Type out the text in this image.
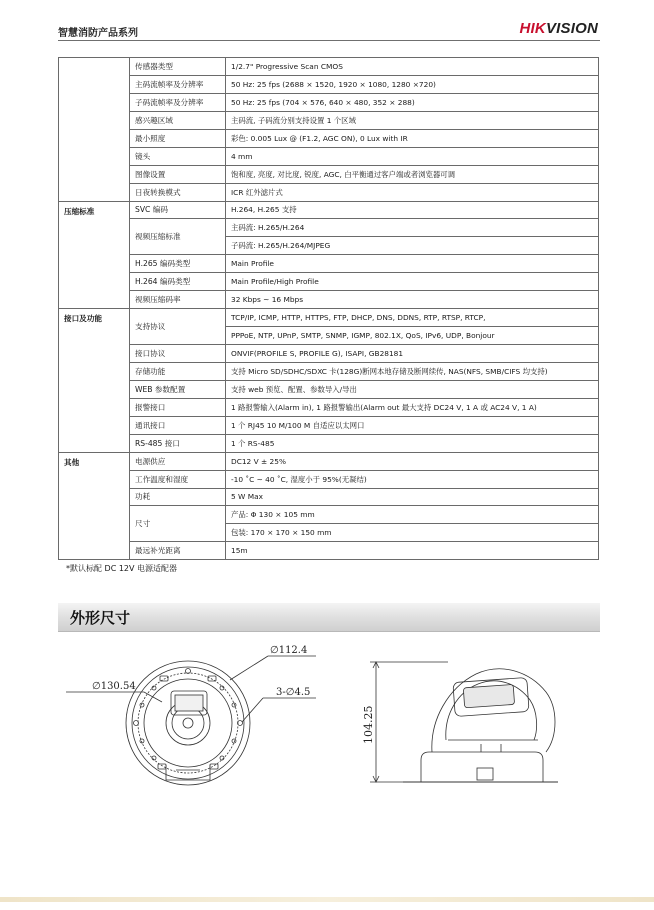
智慧消防产品系列	HIKVISION
	传感器类型	1/2.7" Progressive Scan CMOS
	主码流帧率及分辨率	50 Hz: 25 fps (2688 × 1520, 1920 × 1080, 1280 ×720)
	子码流帧率及分辨率	50 Hz: 25 fps (704 × 576, 640 × 480, 352 × 288)
	感兴趣区域	主码流, 子码流分别支持设置 1 个区域
	最小照度	彩色: 0.005 Lux @ (F1.2, AGC ON), 0 Lux with IR
	镜头	4 mm
	图像设置	饱和度, 亮度, 对比度, 锐度, AGC, 白平衡通过客户端或者浏览器可调
	日夜转换模式	ICR 红外滤片式
压缩标准	SVC 编码	H.264, H.265 支持
	视频压缩标准	主码流: H.265/H.264
		子码流: H.265/H.264/MJPEG
	H.265 编码类型	Main Profile
	H.264 编码类型	Main Profile/High Profile
	视频压缩码率	32 Kbps ~ 16 Mbps
接口及功能	支持协议	TCP/IP, ICMP, HTTP, HTTPS, FTP, DHCP, DNS, DDNS, RTP, RTSP, RTCP,
		PPPoE, NTP, UPnP, SMTP, SNMP, IGMP, 802.1X, QoS, IPv6, UDP, Bonjour
	接口协议	ONVIF(PROFILE S, PROFILE G), ISAPI, GB28181
	存储功能	支持 Micro SD/SDHC/SDXC 卡(128G)断网本地存储及断网续传, NAS(NFS, SMB/CIFS 均支持)
	WEB 参数配置	支持 web 预览、配置、参数导入/导出
	报警接口	1 路报警输入(Alarm in), 1 路报警输出(Alarm out 最大支持 DC24 V, 1 A 或 AC24 V, 1 A)
	通讯接口	1 个 RJ45 10 M/100 M 自适应以太网口
	RS-485 接口	1 个 RS-485
其他	电源供应	DC12 V ± 25%
	工作温度和湿度	-10 ˚C ~ 40 ˚C, 湿度小于 95%(无凝结)
	功耗	5 W Max
	尺寸	产品: Φ 130 × 105 mm
		包装: 170 × 170 × 150 mm
	最远补光距离	15m
*默认标配 DC 12V 电源适配器
外形尺寸
∅130.54
∅112.4
3-∅4.5
104.25
